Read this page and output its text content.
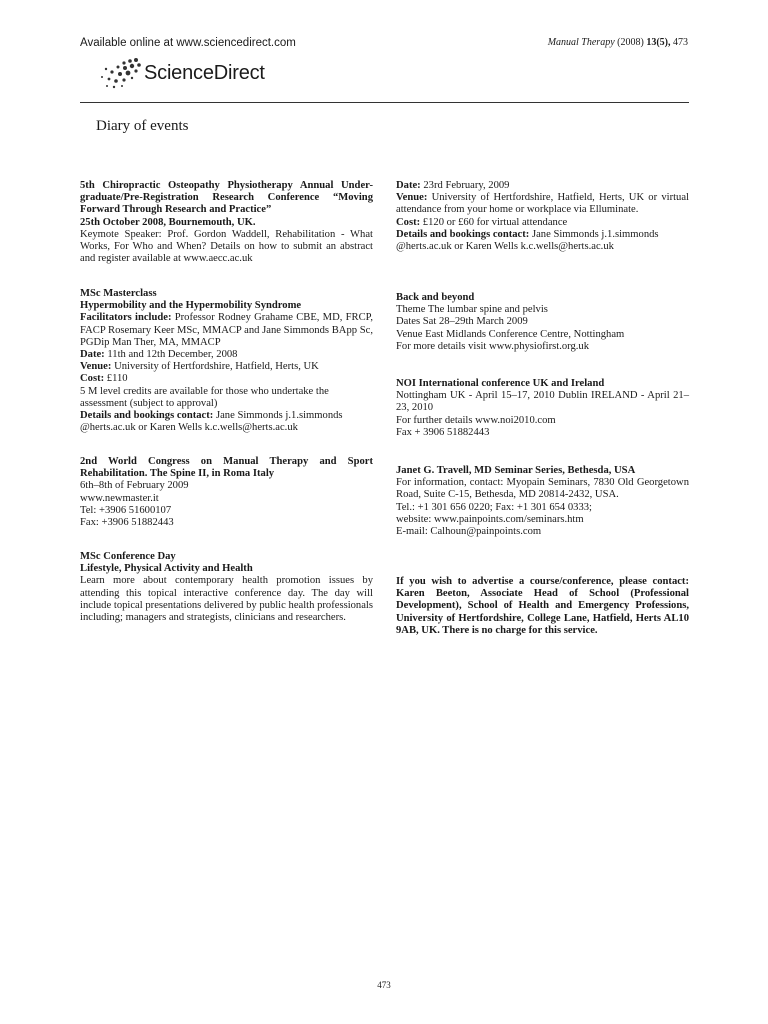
Available online at www.sciencedirect.com	Manual Therapy (2008) 13(5), 473
ScienceDirect
Diary of events

5th Chiropractic Osteopathy Physiotherapy Annual Under-graduate/Pre-Registration Research Conference “Moving Forward Through Research and Practice”

25th October 2008, Bournemouth, UK.

Keymote Speaker: Prof. Gordon Waddell, Rehabilitation - What Works, For Who and When? Details on how to submit an abstract and register available at www.aecc.ac.uk

MSc Masterclass

Hypermobility and the Hypermobility Syndrome

Facilitators include: Professor Rodney Grahame CBE, MD, FRCP, FACP Rosemary Keer MSc, MMACP and Jane Simmonds BApp Sc, PGDip Man Ther, MA, MMACP

Date: 11th and 12th December, 2008

Venue: University of Hertfordshire, Hatfield, Herts, UK

Cost: £110

5 M level credits are available for those who undertake the assessment (subject to approval)

Details and bookings contact: Jane Simmonds j.1.simmonds @herts.ac.uk or Karen Wells k.c.wells@herts.ac.uk

2nd World Congress on Manual Therapy and Sport Rehabilitation. The Spine II, in Roma Italy

6th–8th of February 2009

www.newmaster.it

Tel: +3906 51600107

Fax: +3906 51882443

MSc Conference Day

Lifestyle, Physical Activity and Health

Learn more about contemporary health promotion issues by attending this topical interactive conference day. The day will include topical presentations delivered by public health professionals including; managers and strategists, clinicians and researchers.

Date: 23rd February, 2009

Venue: University of Hertfordshire, Hatfield, Herts, UK or virtual attendance from your home or workplace via Elluminate.

Cost: £120 or £60 for virtual attendance

Details and bookings contact: Jane Simmonds j.1.simmonds @herts.ac.uk or Karen Wells k.c.wells@herts.ac.uk

Back and beyond

Theme The lumbar spine and pelvis

Dates Sat 28–29th March 2009

Venue East Midlands Conference Centre, Nottingham

For more details visit www.physiofirst.org.uk

NOI International conference UK and Ireland

Nottingham UK - April 15–17, 2010 Dublin IRELAND - April 21–23, 2010

For further details www.noi2010.com

Fax + 3906 51882443

Janet G. Travell, MD Seminar Series, Bethesda, USA

For information, contact: Myopain Seminars, 7830 Old Georgetown Road, Suite C-15, Bethesda, MD 20814-2432, USA.

Tel.: +1 301 656 0220; Fax: +1 301 654 0333;

website: www.painpoints.com/seminars.htm

E-mail: Calhoun@painpoints.com

If you wish to advertise a course/conference, please contact: Karen Beeton, Associate Head of School (Professional Development), School of Health and Emergency Professions, University of Hertfordshire, College Lane, Hatfield, Herts AL10 9AB, UK. There is no charge for this service.

473
